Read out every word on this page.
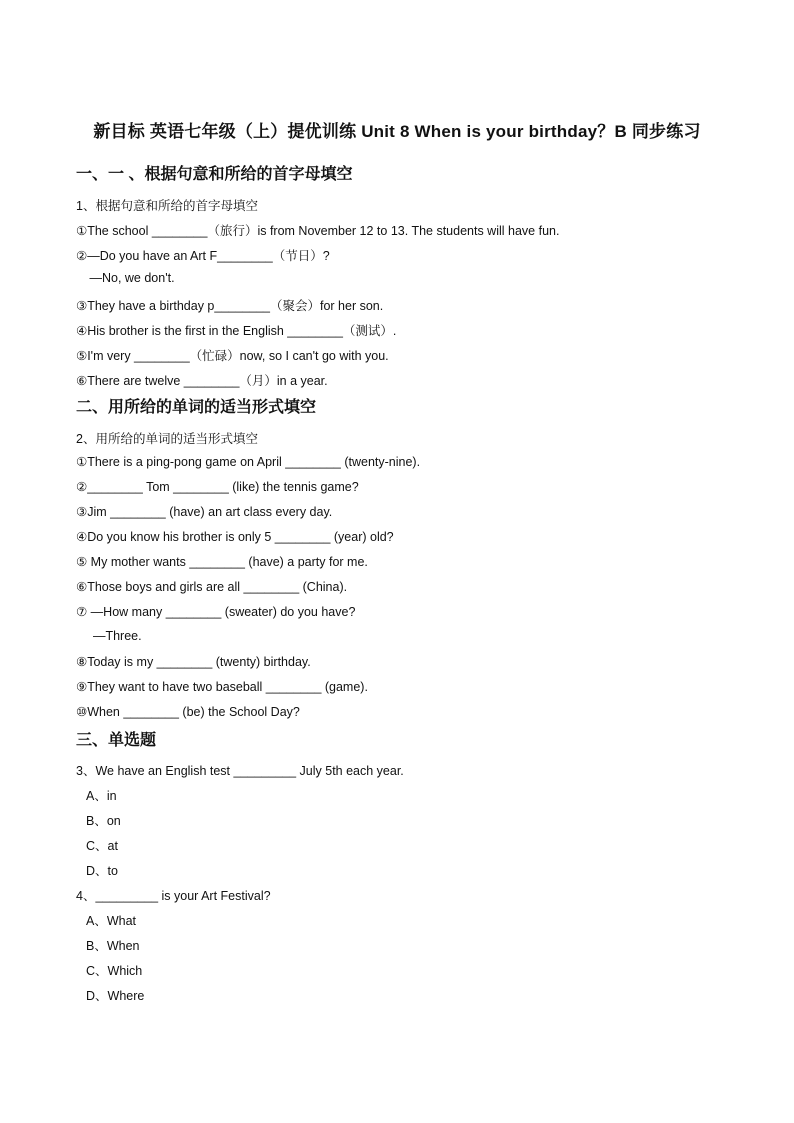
新目标 英语七年级（上）提优训练 Unit 8 When is your birthday？B 同步练习
一、一 、根据句意和所给的首字母填空
1、根据句意和所给的首字母填空
①The school ________（旅行）is from November 12 to 13. The students will have fun.
②—Do you have an Art F________（节日）?
—No, we don't.
③They have a birthday p________（聚会）for her son.
④His brother is the first in the English ________（测试）.
⑤I'm very ________（忙碌）now, so I can't go with you.
⑥There are twelve ________（月）in a year.
二、用所给的单词的适当形式填空
2、用所给的单词的适当形式填空
①There is a ping-pong game on April ________ (twenty-nine).
②________ Tom ________ (like) the tennis game?
③Jim ________ (have) an art class every day.
④Do you know his brother is only 5 ________ (year) old?
⑤ My mother wants ________ (have) a party for me.
⑥Those boys and girls are all ________ (China).
⑦ —How many ________ (sweater) do you have?
—Three.
⑧Today is my ________ (twenty) birthday.
⑨They want to have two baseball ________ (game).
⑩When ________ (be) the School Day?
三、单选题
3、We have an English test _________ July 5th each year.
A、in
B、on
C、at
D、to
4、_________ is your Art Festival?
A、What
B、When
C、Which
D、Where
